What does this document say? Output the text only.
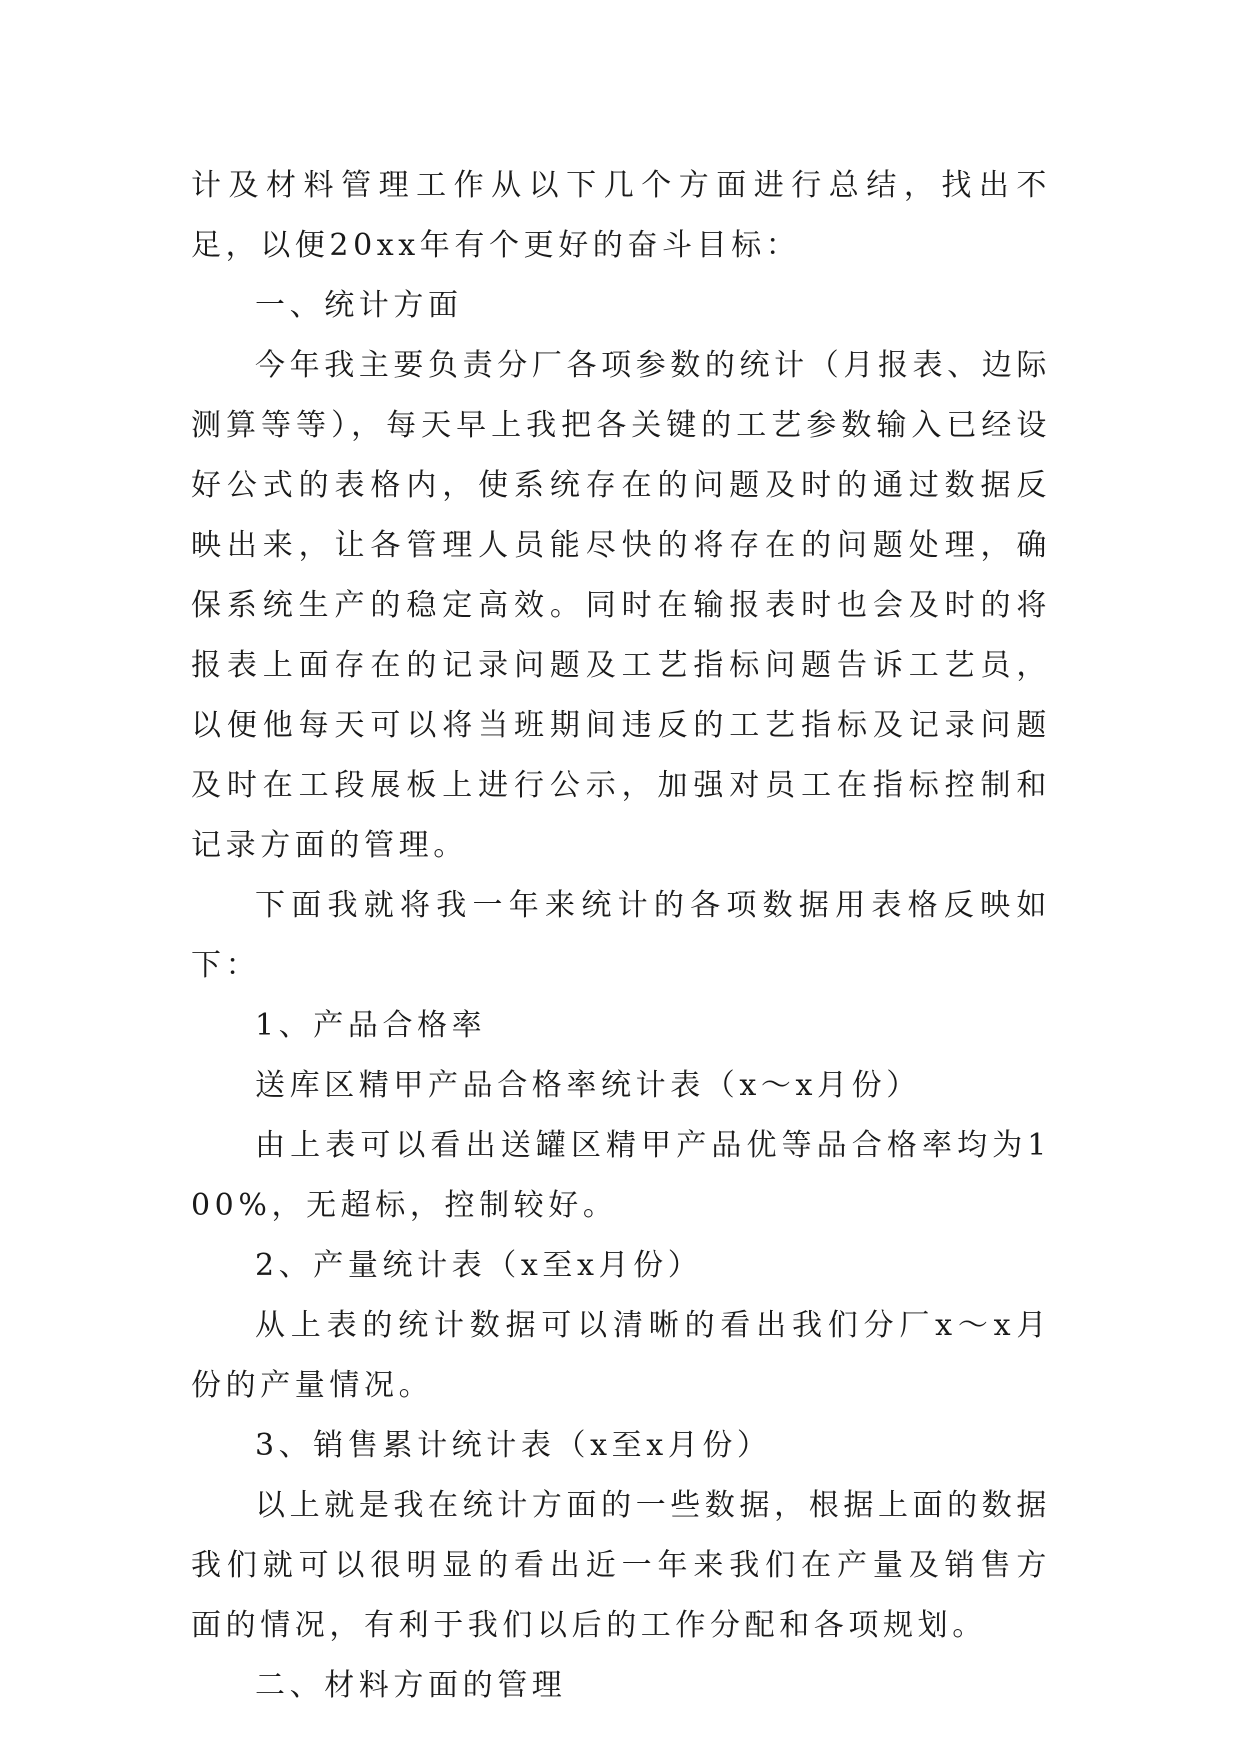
计及材料管理工作从以下几个方面进行总结，找出不足，以便20xx年有个更好的奋斗目标：

一、统计方面

今年我主要负责分厂各项参数的统计（月报表、边际测算等等），每天早上我把各关键的工艺参数输入已经设好公式的表格内，使系统存在的问题及时的通过数据反映出来，让各管理人员能尽快的将存在的问题处理，确保系统生产的稳定高效。同时在输报表时也会及时的将报表上面存在的记录问题及工艺指标问题告诉工艺员，以便他每天可以将当班期间违反的工艺指标及记录问题及时在工段展板上进行公示，加强对员工在指标控制和记录方面的管理。

下面我就将我一年来统计的各项数据用表格反映如下：

1、产品合格率

送库区精甲产品合格率统计表（x～x月份）

由上表可以看出送罐区精甲产品优等品合格率均为100%，无超标，控制较好。

2、产量统计表（x至x月份）

从上表的统计数据可以清晰的看出我们分厂x～x月份的产量情况。

3、销售累计统计表（x至x月份）

以上就是我在统计方面的一些数据，根据上面的数据我们就可以很明显的看出近一年来我们在产量及销售方面的情况，有利于我们以后的工作分配和各项规划。

二、材料方面的管理
